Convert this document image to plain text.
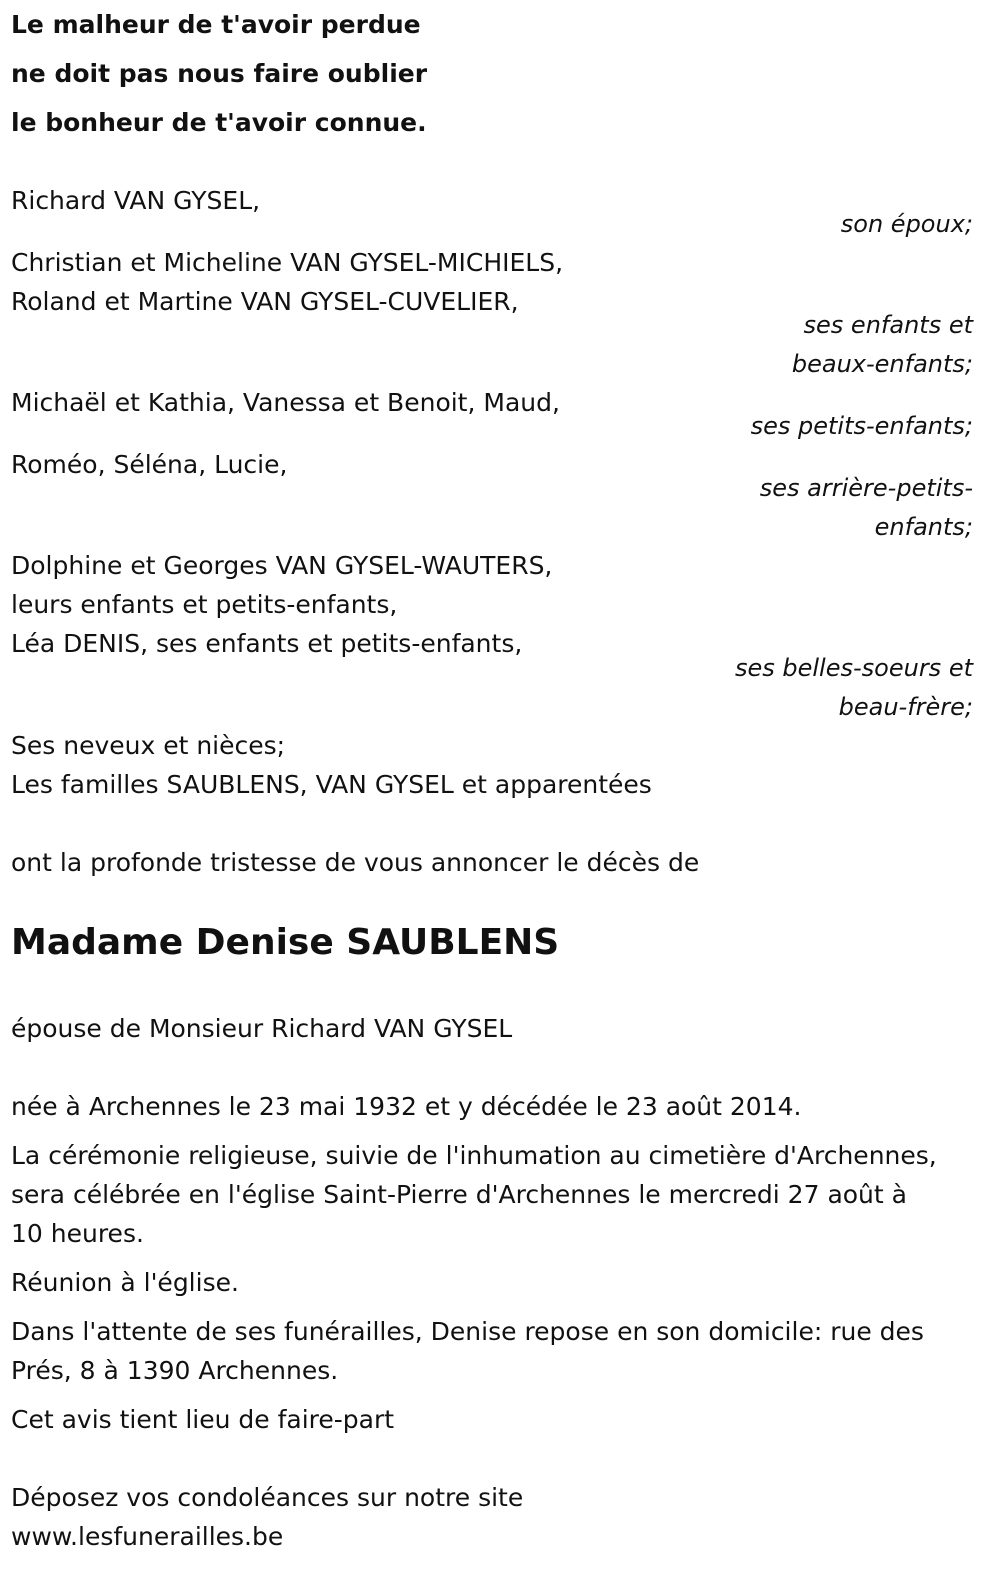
Le malheur de t'avoir perdue
ne doit pas nous faire oublier
le bonheur de t'avoir connue.
Richard VAN GYSEL,
son époux;
Christian et Micheline VAN GYSEL-MICHIELS,
Roland et Martine VAN GYSEL-CUVELIER,
ses enfants et
beaux-enfants;
Michaël et Kathia, Vanessa et Benoit, Maud,
ses petits-enfants;
Roméo, Séléna, Lucie,
ses arrière-petits-
enfants;
Dolphine et Georges VAN GYSEL-WAUTERS,
leurs enfants et petits-enfants,
Léa DENIS, ses enfants et petits-enfants,
ses belles-soeurs et
beau-frère;
Ses neveux et nièces;
Les familles SAUBLENS, VAN GYSEL et apparentées
ont la profonde tristesse de vous annoncer le décès de
Madame Denise SAUBLENS
épouse de Monsieur Richard VAN GYSEL
née à Archennes le 23 mai 1932 et y décédée le 23 août 2014.
La cérémonie religieuse, suivie de l'inhumation au cimetière d'Archennes,
sera célébrée en l'église Saint-Pierre d'Archennes le mercredi 27 août à
10 heures.
Réunion à l'église.
Dans l'attente de ses funérailles, Denise repose en son domicile: rue des
Prés, 8 à 1390 Archennes.
Cet avis tient lieu de faire-part
Déposez vos condoléances sur notre site
www.lesfunerailles.be
